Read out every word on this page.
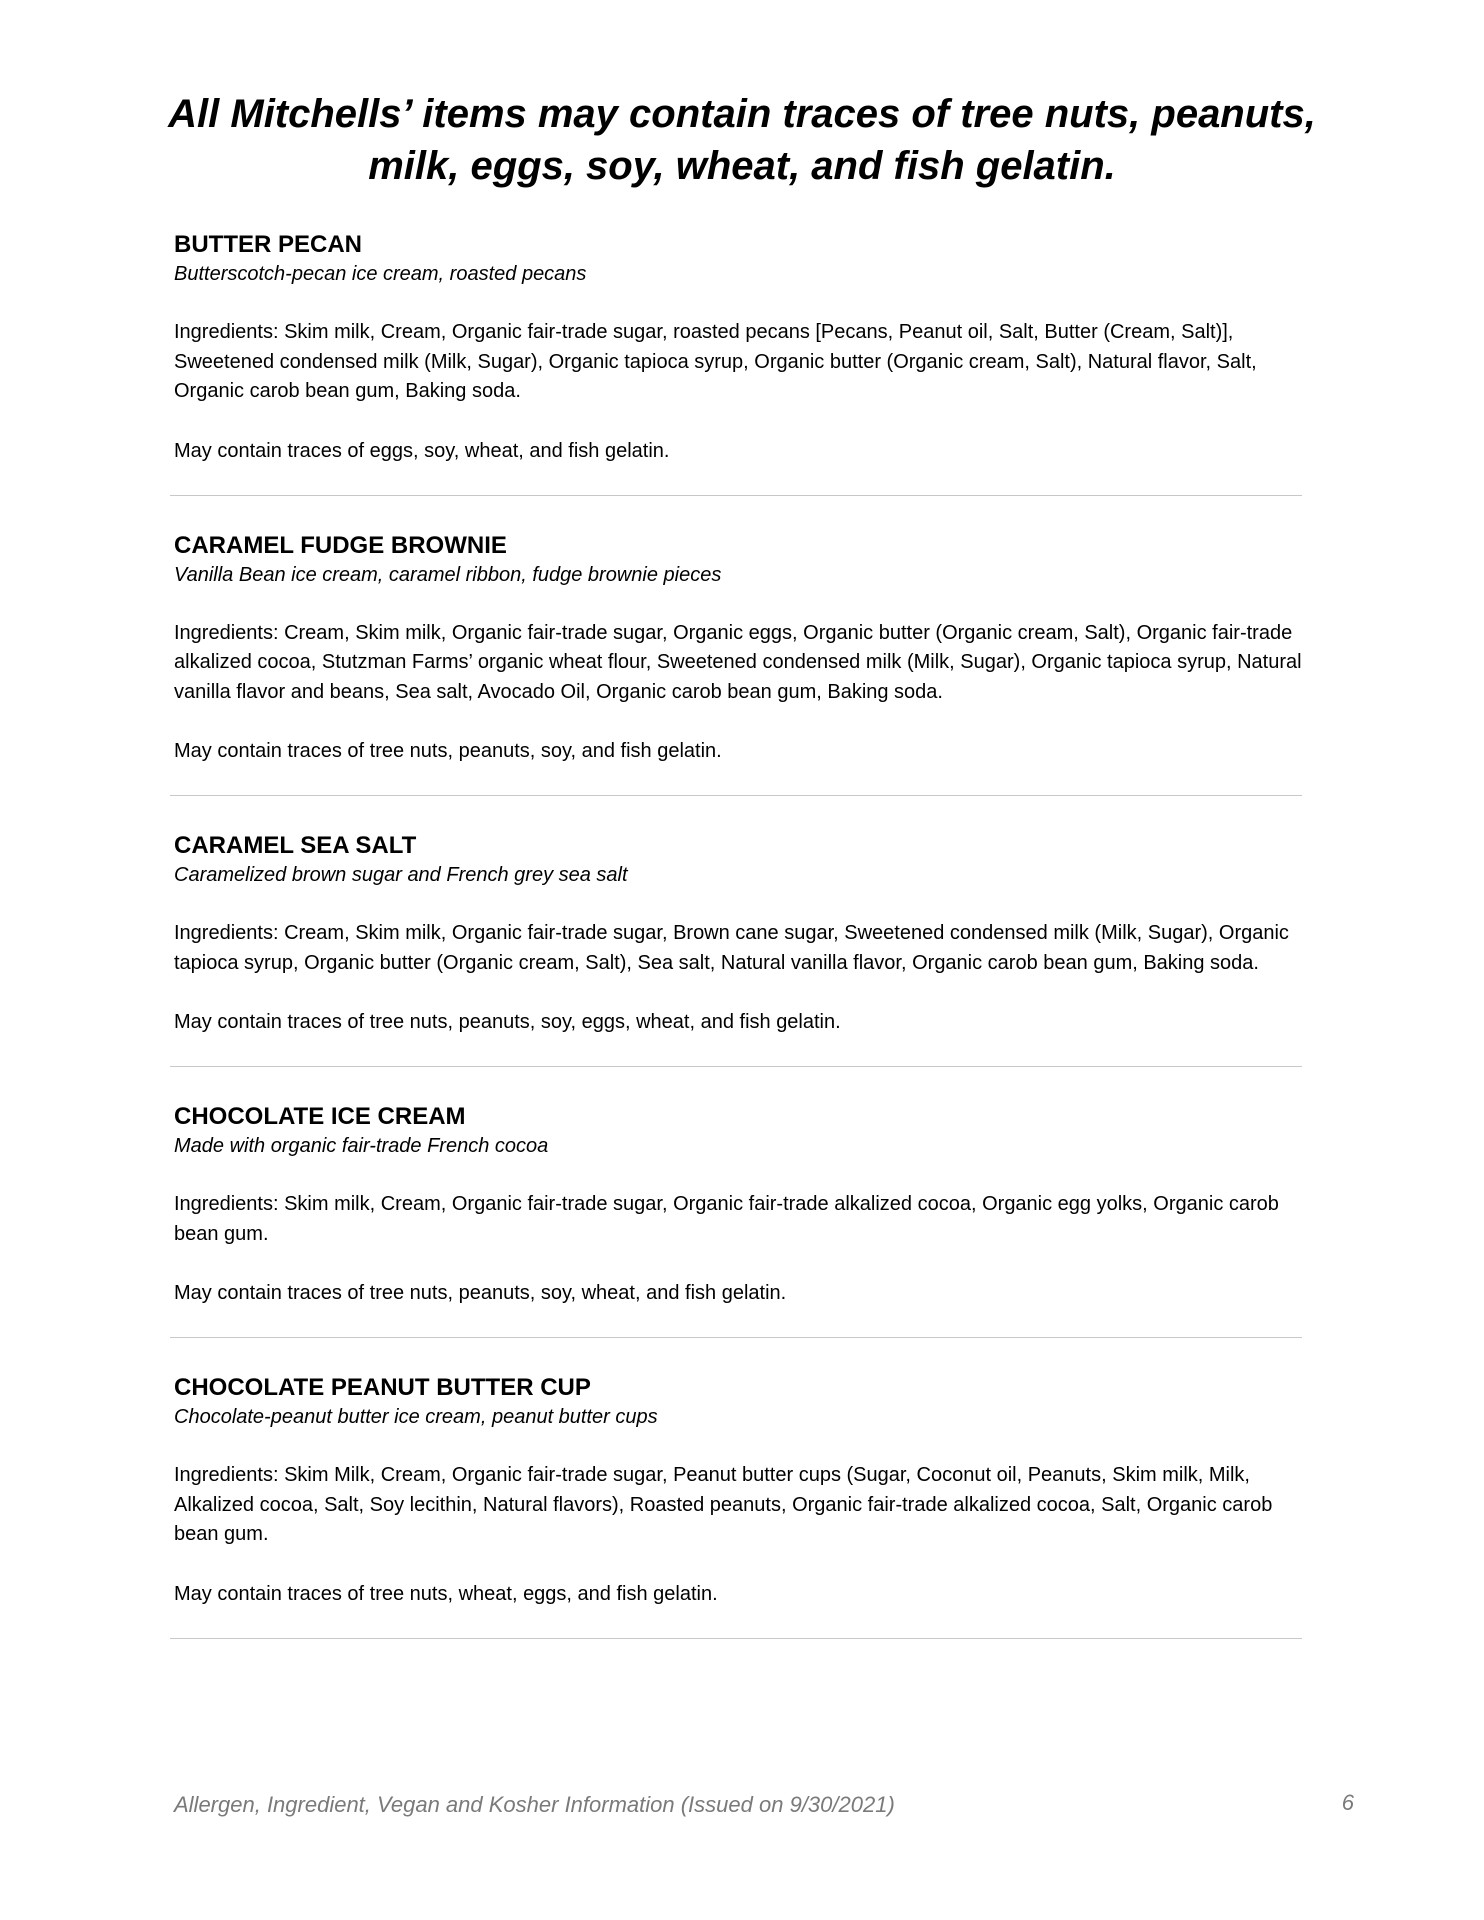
All Mitchells’ items may contain traces of tree nuts, peanuts,
milk, eggs, soy, wheat, and fish gelatin.

BUTTER PECAN

Butterscotch-pecan ice cream, roasted pecans

Ingredients: Skim milk, Cream, Organic fair-trade sugar, roasted pecans [Pecans, Peanut oil, Salt, Butter (Cream, Salt)], Sweetened condensed milk (Milk, Sugar), Organic tapioca syrup, Organic butter (Organic cream, Salt), Natural flavor, Salt, Organic carob bean gum, Baking soda.

May contain traces of eggs, soy, wheat, and fish gelatin.

CARAMEL FUDGE BROWNIE

Vanilla Bean ice cream, caramel ribbon, fudge brownie pieces

Ingredients: Cream, Skim milk, Organic fair-trade sugar, Organic eggs, Organic butter (Organic cream, Salt), Organic fair-trade alkalized cocoa, Stutzman Farms’ organic wheat flour, Sweetened condensed milk (Milk, Sugar), Organic tapioca syrup, Natural vanilla flavor and beans, Sea salt, Avocado Oil, Organic carob bean gum, Baking soda.

May contain traces of tree nuts, peanuts, soy, and fish gelatin.

CARAMEL SEA SALT

Caramelized brown sugar and French grey sea salt

Ingredients: Cream, Skim milk, Organic fair-trade sugar, Brown cane sugar, Sweetened condensed milk (Milk, Sugar), Organic tapioca syrup, Organic butter (Organic cream, Salt), Sea salt, Natural vanilla flavor, Organic carob bean gum, Baking soda.

May contain traces of tree nuts, peanuts, soy, eggs, wheat, and fish gelatin.

CHOCOLATE ICE CREAM

Made with organic fair-trade French cocoa

Ingredients: Skim milk, Cream, Organic fair-trade sugar, Organic fair-trade alkalized cocoa, Organic egg yolks, Organic carob bean gum.

May contain traces of tree nuts, peanuts, soy, wheat, and fish gelatin.

CHOCOLATE PEANUT BUTTER CUP

Chocolate-peanut butter ice cream, peanut butter cups

Ingredients: Skim Milk, Cream, Organic fair-trade sugar, Peanut butter cups (Sugar, Coconut oil, Peanuts, Skim milk, Milk, Alkalized cocoa, Salt, Soy lecithin, Natural flavors), Roasted peanuts, Organic fair-trade alkalized cocoa, Salt, Organic carob bean gum.

May contain traces of tree nuts, wheat, eggs, and fish gelatin.

Allergen, Ingredient, Vegan and Kosher Information (Issued on 9/30/2021)	6
